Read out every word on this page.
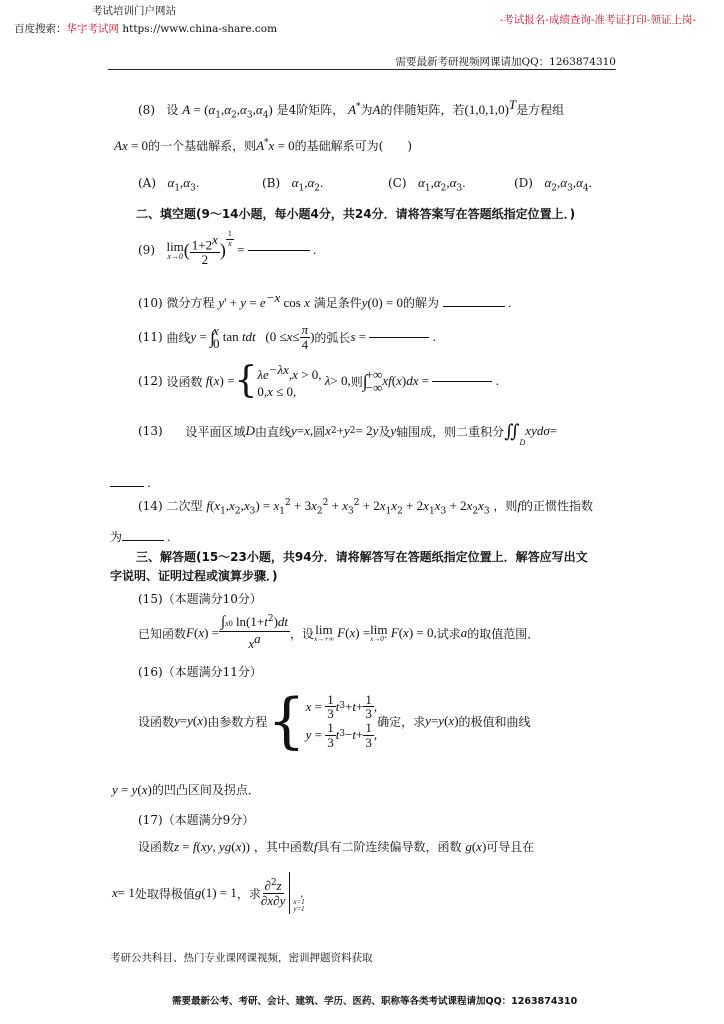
考试培训门户网站
百度搜索：华宇考试网 https://www.china-share.com
-考试报名-成绩查询-准考证打印-领证上岗-
需要最新考研视频网课请加QQ：1263874310
(8) 设 $A = (\alpha_1,\alpha_2,\alpha_3,\alpha_4)$ 是4阶矩阵， A*为A的伴随矩阵，若$(1,0,1,0)^T$是方程组
Ax = 0的一个基础解系，则A*x = 0的基础解系可为(　　)
(A) $\alpha_1,\alpha_3$.	(B) $\alpha_1,\alpha_2$.	(C) $\alpha_1,\alpha_2,\alpha_3$.	(D) $\alpha_2,\alpha_3,\alpha_4$.
二、填空题(9～14小题，每小题4分，共24分．请将答案写在答题纸指定位置上．)
(9)
lim
x→0 ( $\frac{1+2^x}{2}$ )
$\frac{1}{x}$
=	.
(10) 微分方程 $y' + y = e^{-x}$ cos x 满足条件y(0) = 0的解为	.
(11)
曲线 y = ∫
x
0 tan tdt ($0 \le x \le \frac{\pi}{4}$ ) 的弧长 s =	.
(12)
设函数 f ( x ) = { $\lambda e^{-\lambda x},x > 0$,
0,x ≤ 0,
λ > 0, 则 ∫
+∞
−∞ xf ( x ) dx =	.
(13)
设平面区域 D 由直线 y = x , 圆 x 2 + y 2 = 2 y 及 y 轴围成，则二重积分 ∬
D
xydσ =
.
(14) 二次型 $f(x_1,x_2,x_3) = x_1^2 + 3x_2^2 + x_3^2 + 2x_1x_2 + 2x_1x_3 + 2x_2x_3$ ，则f的正惯性指数
为	.
三、解答题(15～23小题，共94分．请将解答写在答题纸指定位置上．解答应写出文
字说明、证明过程或演算步骤．)
(15)（本题满分10分）
已知函数 F ( x ) = $\frac{\int x0 \ln(1+t^2)dt}{x^a}$ ，设 lim
x→+∞ F ( x ) = lim
x→0⁺ F ( x ) = 0, 试求 a 的取值范围．
(16)（本题满分11分）
设函数 y = y ( x ) 由参数方程 { $x = \frac{1}{3}$ t $3 + t + \frac{1}{3}$ ,
$y = \frac{1}{3}$ t $3 - t + \frac{1}{3}$ ,
确定，求 y = y ( x ) 的极值和曲线
y = y(x)的凹凸区间及拐点．
(17)（本题满分9分）
设函数z = f(xy, yg(x)) ，其中函数f具有二阶连续偏导数，函数 g(x)可导且在
x = 1 处取得极值 g (1) = 1 ，求 $\frac{\partial^2z}{\partial x\partial y} x=1$
y=1
.
考研公共科目、热门专业课网课视频，密训押题资料获取
需要最新公考、考研、会计、建筑、学历、医药、职称等各类考试课程请加QQ：1263874310
